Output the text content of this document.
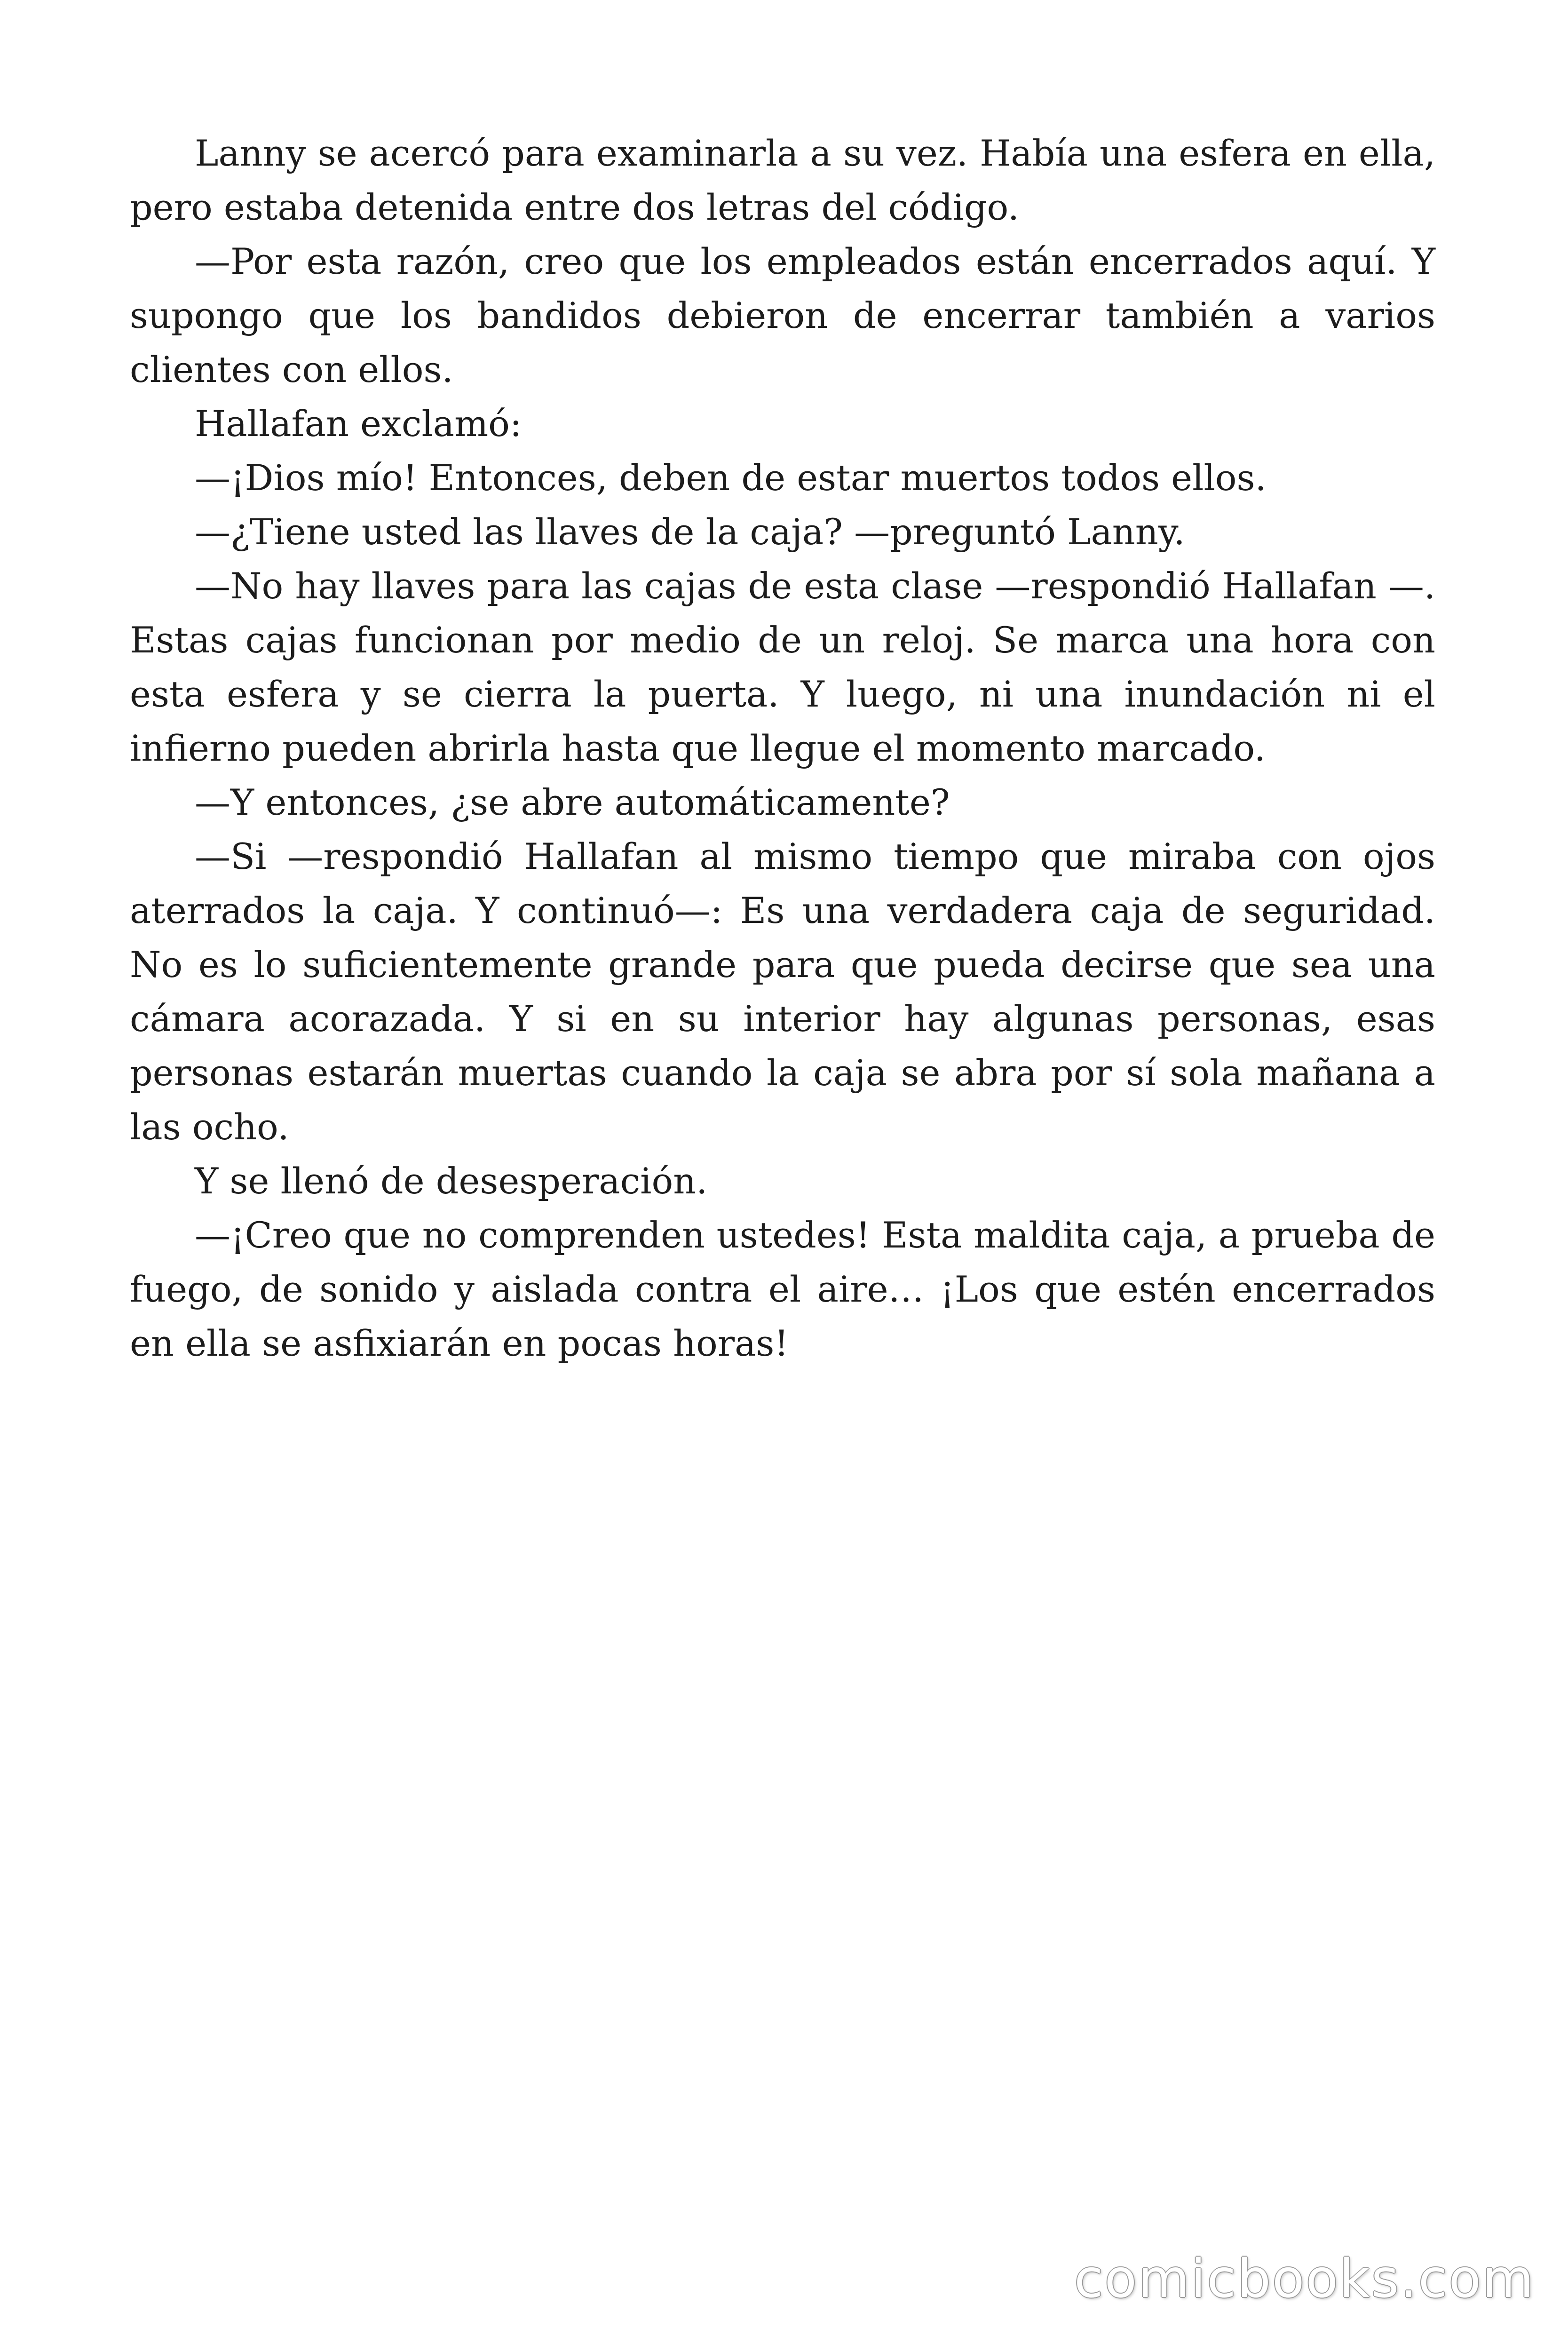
Lanny se acercó para examinarla a su vez. Había una esfera en ella, pero estaba detenida entre dos letras del código.

—Por esta razón, creo que los empleados están encerrados aquí. Y supongo que los bandidos debieron de encerrar también a varios clientes con ellos.

Hallafan exclamó:

—¡Dios mío! Entonces, deben de estar muertos todos ellos.

—¿Tiene usted las llaves de la caja? —preguntó Lanny.

—No hay llaves para las cajas de esta clase —respondió Hallafan —. Estas cajas funcionan por medio de un reloj. Se marca una hora con esta esfera y se cierra la puerta. Y luego, ni una inundación ni el infierno pueden abrirla hasta que llegue el momento marcado.

—Y entonces, ¿se abre automáticamente?

—Si —respondió Hallafan al mismo tiempo que miraba con ojos aterrados la caja. Y continuó—: Es una verdadera caja de seguridad. No es lo suficientemente grande para que pueda decirse que sea una cámara acorazada. Y si en su interior hay algunas personas, esas personas estarán muertas cuando la caja se abra por sí sola mañana a las ocho.

Y se llenó de desesperación.

—¡Creo que no comprenden ustedes! Esta maldita caja, a prueba de fuego, de sonido y aislada contra el aire… ¡Los que estén encerrados en ella se asfixiarán en pocas horas!

comicbooks.com
